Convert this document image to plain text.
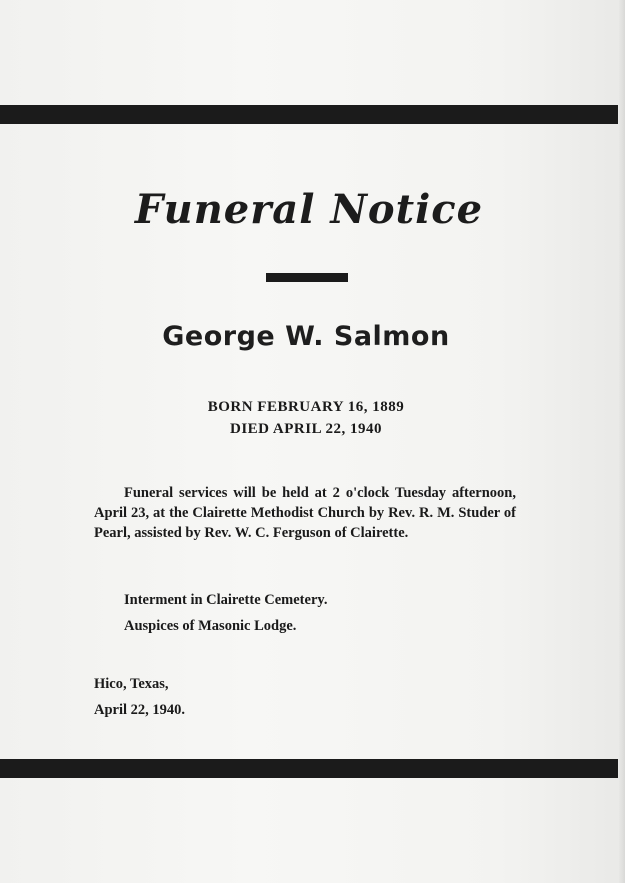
Funeral Notice
George W. Salmon
BORN FEBRUARY 16, 1889
DIED APRIL 22, 1940
Funeral services will be held at 2 o'clock Tuesday afternoon, April 23, at the Clairette Methodist Church by Rev. R. M. Studer of Pearl, assisted by Rev. W. C. Ferguson of Clairette.
Interment in Clairette Cemetery.
Auspices of Masonic Lodge.
Hico, Texas,
April 22, 1940.
